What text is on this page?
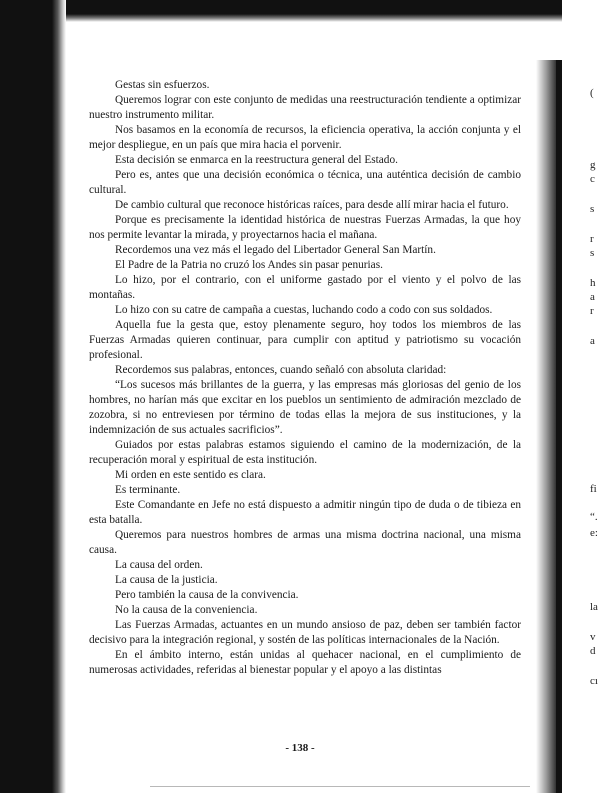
(
g
c
s
r
s
h
a
r
a
fi
“.
e:
la
v
d
cı

Gestas sin esfuerzos.

Queremos lograr con este conjunto de medidas una reestructuración tendiente a optimizar nuestro instrumento militar.

Nos basamos en la economía de recursos, la eficiencia operativa, la acción conjunta y el mejor despliegue, en un país que mira hacia el porvenir.

Esta decisión se enmarca en la reestructura general del Estado.

Pero es, antes que una decisión económica o técnica, una auténtica decisión de cambio cultural.

De cambio cultural que reconoce históricas raíces, para desde allí mirar hacia el futuro.

Porque es precisamente la identidad histórica de nuestras Fuerzas Armadas, la que hoy nos permite levantar la mirada, y proyectarnos hacia el mañana.

Recordemos una vez más el legado del Libertador General San Martín.

El Padre de la Patria no cruzó los Andes sin pasar penurias.

Lo hizo, por el contrario, con el uniforme gastado por el viento y el polvo de las montañas.

Lo hizo con su catre de campaña a cuestas, luchando codo a codo con sus soldados.

Aquella fue la gesta que, estoy plenamente seguro, hoy todos los miembros de las Fuerzas Armadas quieren continuar, para cumplir con aptitud y patriotismo su vocación profesional.

Recordemos sus palabras, entonces, cuando señaló con absoluta claridad:

“Los sucesos más brillantes de la guerra, y las empresas más gloriosas del genio de los hombres, no harían más que excitar en los pueblos un sentimiento de admiración mezclado de zozobra, si no entreviesen por término de todas ellas la mejora de sus instituciones, y la indemnización de sus actuales sacrificios”.

Guiados por estas palabras estamos siguiendo el camino de la modernización, de la recuperación moral y espiritual de esta institución.

Mi orden en este sentido es clara.

Es terminante.

Este Comandante en Jefe no está dispuesto a admitir ningún tipo de duda o de tibieza en esta batalla.

Queremos para nuestros hombres de armas una misma doctrina nacional, una misma causa.

La causa del orden.

La causa de la justicia.

Pero también la causa de la convivencia.

No la causa de la conveniencia.

Las Fuerzas Armadas, actuantes en un mundo ansioso de paz, deben ser también factor decisivo para la integración regional, y sostén de las políticas internacionales de la Nación.

En el ámbito interno, están unidas al quehacer nacional, en el cumplimiento de numerosas actividades, referidas al bienestar popular y el apoyo a las distintas

- 138 -
